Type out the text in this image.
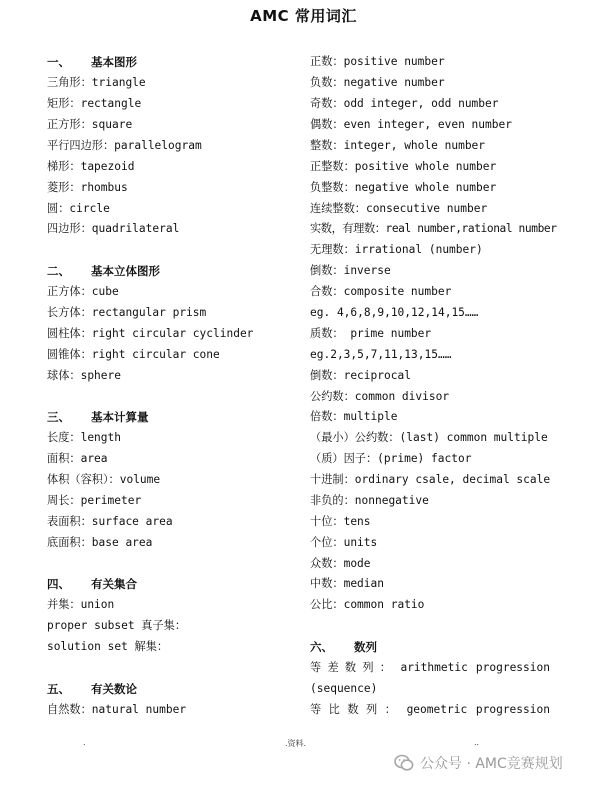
AMC 常用词汇
一、 基本图形
三角形：triangle
矩形：rectangle
正方形：square
平行四边形：parallelogram
梯形：tapezoid
菱形：rhombus
圆：circle
四边形：quadrilateral
二、 基本立体图形
正方体：cube
长方体：rectangular prism
圆柱体：right circular cyclinder
圆锥体：right circular cone
球体：sphere
三、 基本计算量
长度：length
面积：area
体积（容积）：volume
周长：perimeter
表面积：surface area
底面积：base area
四、 有关集合
并集：union
proper subset 真子集：
solution set 解集：
五、 有关数论
自然数：natural number
正数：positive number
负数：negative number
奇数：odd integer, odd number
偶数：even integer, even number
整数：integer, whole number
正整数：positive whole number
负整数：negative whole number
连续整数：consecutive number
实数，有理数：real number,rational number
无理数：irrational (number)
倒数：inverse
合数：composite number
eg. 4,6,8,9,10,12,14,15……
质数： prime number
eg.2,3,5,7,11,13,15……
倒数：reciprocal
公约数：common divisor
倍数：multiple
（最小）公约数：(last) common multiple
（质）因子：(prime) factor
十进制：ordinary csale, decimal scale
非负的：nonnegative
十位：tens
个位：units
众数：mode
中数：median
公比：common ratio
六、 数列
等 差 数 列 ： arithmetic progression
(sequence)
等 比 数 列 ： geometric progression
.	.资料.	..
公众号 · AMC竞赛规划
